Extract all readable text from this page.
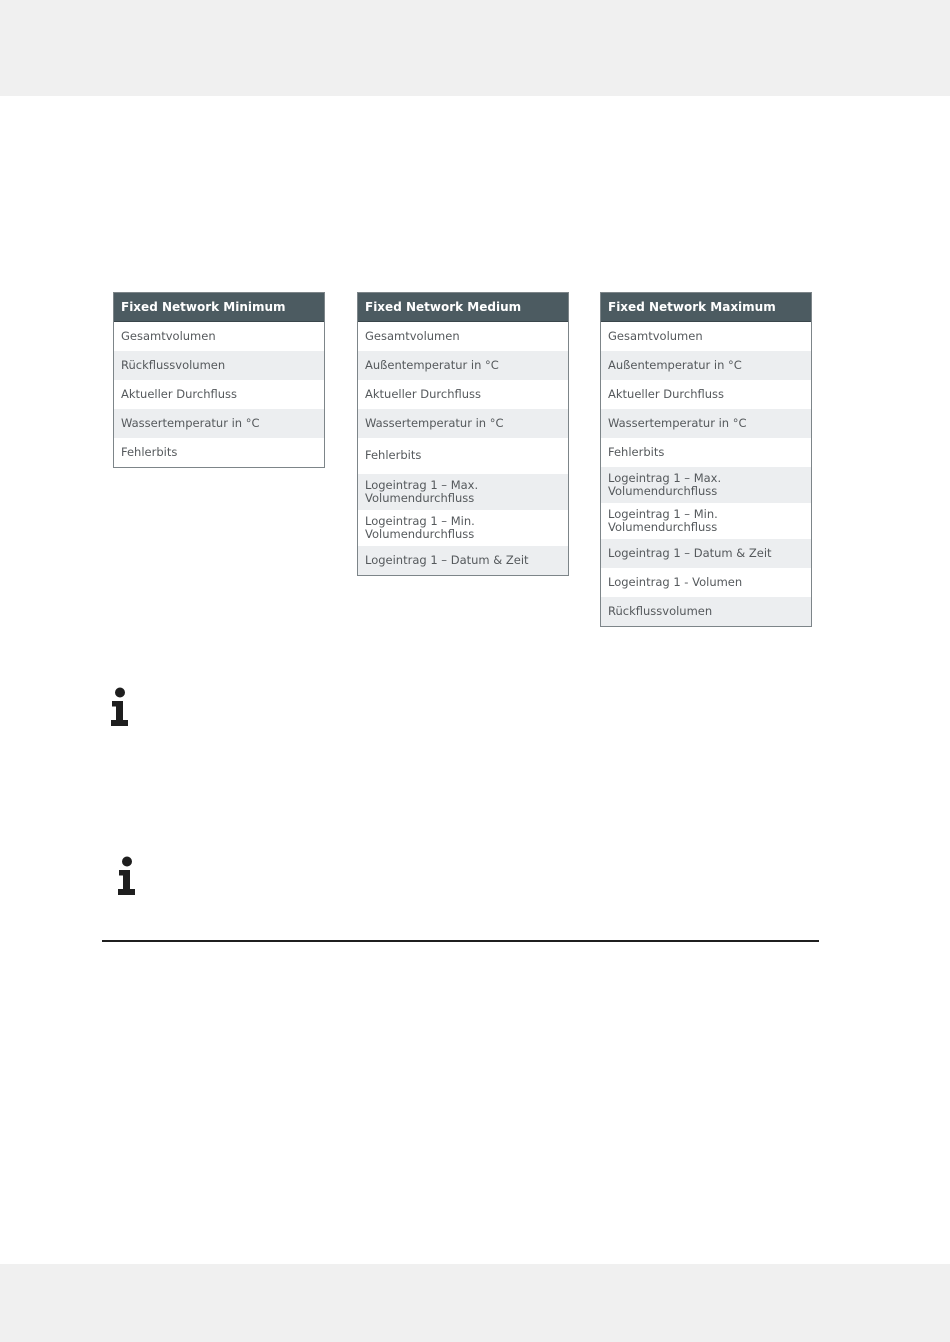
Fixed Network Minimum
Gesamtvolumen
Rückflussvolumen
Aktueller Durchfluss
Wassertemperatur in °C
Fehlerbits
Fixed Network Medium
Gesamtvolumen
Außentemperatur in °C
Aktueller Durchfluss
Wassertemperatur in °C
Fehlerbits
Logeintrag 1 – Max.
Volumendurchfluss
Logeintrag 1 – Min.
Volumendurchfluss
Logeintrag 1 – Datum & Zeit
Fixed Network Maximum
Gesamtvolumen
Außentemperatur in °C
Aktueller Durchfluss
Wassertemperatur in °C
Fehlerbits
Logeintrag 1 – Max.
Volumendurchfluss
Logeintrag 1 – Min.
Volumendurchfluss
Logeintrag 1 – Datum & Zeit
Logeintrag 1 - Volumen
Rückflussvolumen
